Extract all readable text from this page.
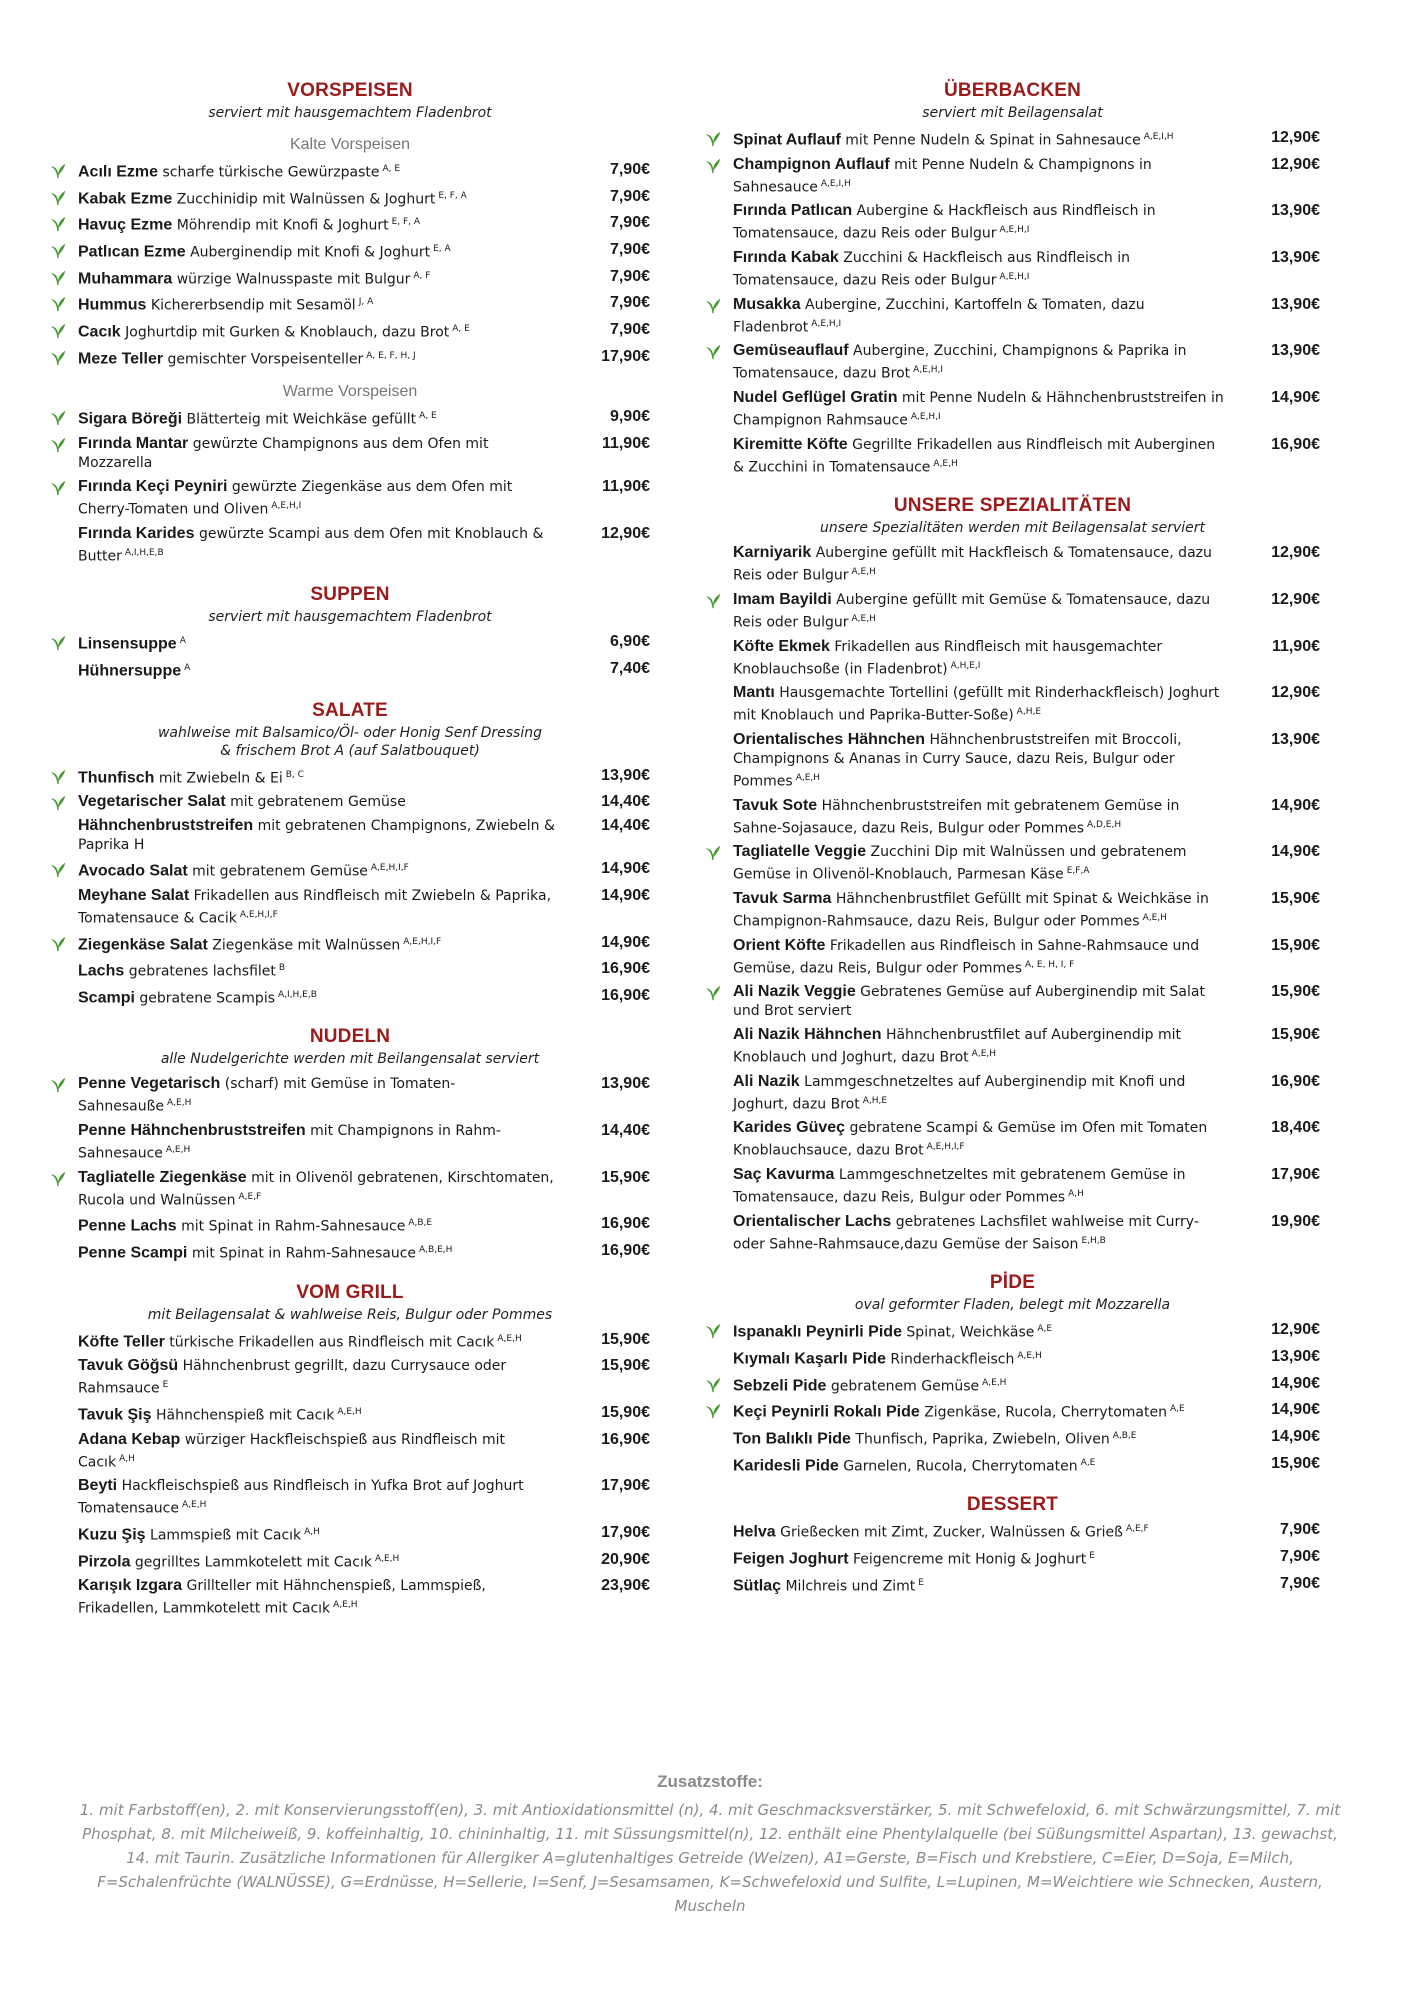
VORSPEISEN
serviert mit hausgemachtem Fladenbrot
Kalte Vorspeisen
Acılı Ezme scharfe türkische Gewürzpaste $^{A, E}$	7,90€
Kabak Ezme Zucchinidip mit Walnüssen & Joghurt $^{E, F, A}$	7,90€
Havuç Ezme Möhrendip mit Knofi & Joghurt $^{E, F, A}$	7,90€
Patlıcan Ezme Auberginendip mit Knofi & Joghurt $^{E, A}$	7,90€
Muhammara würzige Walnusspaste mit Bulgur $^{A, F}$	7,90€
Hummus Kichererbsendip mit Sesamöl $^{J, A}$	7,90€
Cacık Joghurtdip mit Gurken & Knoblauch, dazu Brot $^{A, E}$	7,90€
Meze Teller gemischter Vorspeisenteller $^{A, E, F, H, J}$	17,90€
Warme Vorspeisen
Sigara Böreği Blätterteig mit Weichkäse gefüllt $^{A, E}$	9,90€
Fırında Mantar gewürzte Champignons aus dem Ofen mit Mozzarella
11,90€
Fırında Keçi Peyniri gewürzte Ziegenkäse aus dem Ofen mit Cherry-Tomaten und Oliven $^{A,E,H,I}$
11,90€
Fırında Karides gewürzte Scampi aus dem Ofen mit Knoblauch & Butter $^{A,I,H,E,B}$
12,90€
SUPPEN
serviert mit hausgemachtem Fladenbrot
Linsensuppe $^A$	6,90€
Hühnersuppe $^A$	7,40€
SALATE
wahlweise mit Balsamico/Öl- oder Honig Senf Dressing
& frischem Brot A (auf Salatbouquet)
Thunfisch mit Zwiebeln & Ei $^{B, C}$	13,90€
Vegetarischer Salat mit gebratenem Gemüse	14,40€
Hähnchenbruststreifen mit gebratenen Champignons, Zwiebeln & Paprika H
14,40€
Avocado Salat mit gebratenem Gemüse $^{A,E,H,I,F}$	14,90€
Meyhane Salat Frikadellen aus Rindfleisch mit Zwiebeln & Paprika, Tomatensauce & Cacik $^{A,E,H,I,F}$
14,90€
Ziegenkäse Salat Ziegenkäse mit Walnüssen $^{A,E,H,I,F}$	14,90€
Lachs gebratenes lachsfilet $^B$	16,90€
Scampi gebratene Scampis $^{A,I,H,E,B}$	16,90€
NUDELN
alle Nudelgerichte werden mit Beilangensalat serviert
Penne Vegetarisch (scharf) mit Gemüse in Tomaten-Sahnesauße $^{A,E,H}$
13,90€
Penne Hähnchenbruststreifen mit Champignons in Rahm-Sahnesauce $^{A,E,H}$
14,40€
Tagliatelle Ziegenkäse mit in Olivenöl gebratenen, Kirschtomaten, Rucola und Walnüssen $^{A,E,F}$
15,90€
Penne Lachs mit Spinat in Rahm-Sahnesauce $^{A,B,E}$	16,90€
Penne Scampi mit Spinat in Rahm-Sahnesauce $^{A,B,E,H}$	16,90€
VOM GRILL
mit Beilagensalat & wahlweise Reis, Bulgur oder Pommes
Köfte Teller türkische Frikadellen aus Rindfleisch mit Cacık $^{A,E,H}$	15,90€
Tavuk Göğsü Hähnchenbrust gegrillt, dazu Currysauce oder Rahmsauce $^E$
15,90€
Tavuk Şiş Hähnchenspieß mit Cacık $^{A,E,H}$	15,90€
Adana Kebap würziger Hackfleischspieß aus Rindfleisch mit Cacık $^{A,H}$
16,90€
Beyti Hackfleischspieß aus Rindfleisch in Yufka Brot auf Joghurt Tomatensauce $^{A,E,H}$
17,90€
Kuzu Şiş Lammspieß mit Cacık $^{A,H}$	17,90€
Pirzola gegrilltes Lammkotelett mit Cacık $^{A,E,H}$	20,90€
Karışık Izgara Grillteller mit Hähnchenspieß, Lammspieß, Frikadellen, Lammkotelett mit Cacık $^{A,E,H}$
23,90€
ÜBERBACKEN
serviert mit Beilagensalat
Spinat Auflauf mit Penne Nudeln & Spinat in Sahnesauce $^{A,E,I,H}$	12,90€
Champignon Auflauf mit Penne Nudeln & Champignons in Sahnesauce $^{A,E,I,H}$
12,90€
Fırında Patlıcan Aubergine & Hackfleisch aus Rindfleisch in Tomatensauce, dazu Reis oder Bulgur $^{A,E,H,I}$
13,90€
Fırında Kabak Zucchini & Hackfleisch aus Rindfleisch in Tomatensauce, dazu Reis oder Bulgur $^{A,E,H,I}$
13,90€
Musakka Aubergine, Zucchini, Kartoffeln & Tomaten, dazu Fladenbrot $^{A,E,H,I}$
13,90€
Gemüseauflauf Aubergine, Zucchini, Champignons & Paprika in Tomatensauce, dazu Brot $^{A,E,H,I}$
13,90€
Nudel Geflügel Gratin mit Penne Nudeln & Hähnchenbruststreifen in Champignon Rahmsauce $^{A,E,H,I}$
14,90€
Kiremitte Köfte Gegrillte Frikadellen aus Rindfleisch mit Auberginen & Zucchini in Tomatensauce $^{A,E,H}$
16,90€
UNSERE SPEZIALITÄTEN
unsere Spezialitäten werden mit Beilagensalat serviert
Karniyarik Aubergine gefüllt mit Hackfleisch & Tomatensauce, dazu Reis oder Bulgur $^{A,E,H}$
12,90€
Imam Bayildi Aubergine gefüllt mit Gemüse & Tomatensauce, dazu Reis oder Bulgur $^{A,E,H}$
12,90€
Köfte Ekmek Frikadellen aus Rindfleisch mit hausgemachter Knoblauchsoße (in Fladenbrot) $^{A,H,E,I}$
11,90€
Mantı Hausgemachte Tortellini (gefüllt mit Rinderhackfleisch) Joghurt mit Knoblauch und Paprika-Butter-Soße) $^{A,H,E}$
12,90€
Orientalisches Hähnchen Hähnchenbruststreifen mit Broccoli, Champignons & Ananas in Curry Sauce, dazu Reis, Bulgur oder Pommes $^{A,E,H}$
13,90€
Tavuk Sote Hähnchenbruststreifen mit gebratenem Gemüse in Sahne-Sojasauce, dazu Reis, Bulgur oder Pommes $^{A,D,E,H}$
14,90€
Tagliatelle Veggie Zucchini Dip mit Walnüssen und gebratenem Gemüse in Olivenöl-Knoblauch, Parmesan Käse $^{E,F,A}$
14,90€
Tavuk Sarma Hähnchenbrustfilet Gefüllt mit Spinat & Weichkäse in Champignon-Rahmsauce, dazu Reis, Bulgur oder Pommes $^{A,E,H}$
15,90€
Orient Köfte Frikadellen aus Rindfleisch in Sahne-Rahmsauce und Gemüse, dazu Reis, Bulgur oder Pommes $^{A, E, H, I, F}$
15,90€
Ali Nazik Veggie Gebratenes Gemüse auf Auberginendip mit Salat und Brot serviert
15,90€
Ali Nazik Hähnchen Hähnchenbrustfilet auf Auberginendip mit Knoblauch und Joghurt, dazu Brot $^{A,E,H}$
15,90€
Ali Nazik Lammgeschnetzeltes auf Auberginendip mit Knofi und Joghurt, dazu Brot $^{A,H,E}$
16,90€
Karides Güveç gebratene Scampi & Gemüse im Ofen mit Tomaten Knoblauchsauce, dazu Brot $^{A,E,H,I,F}$
18,40€
Saç Kavurma Lammgeschnetzeltes mit gebratenem Gemüse in Tomatensauce, dazu Reis, Bulgur oder Pommes $^{A,H}$
17,90€
Orientalischer Lachs gebratenes Lachsfilet wahlweise mit Curry- oder Sahne-Rahmsauce,dazu Gemüse der Saison $^{E,H,B}$
19,90€
PİDE
oval geformter Fladen, belegt mit Mozzarella
Ispanaklı Peynirli Pide Spinat, Weichkäse $^{A,E}$	12,90€
Kıymalı Kaşarlı Pide Rinderhackfleisch $^{A,E,H}$	13,90€
Sebzeli Pide gebratenem Gemüse $^{A,E,H}$	14,90€
Keçi Peynirli Rokalı Pide Zigenkäse, Rucola, Cherrytomaten $^{A,E}$	14,90€
Ton Balıklı Pide Thunfisch, Paprika, Zwiebeln, Oliven $^{A,B,E}$	14,90€
Karidesli Pide Garnelen, Rucola, Cherrytomaten $^{A,E}$	15,90€
DESSERT
Helva Grießecken mit Zimt, Zucker, Walnüssen & Grieß $^{A,E,F}$	7,90€
Feigen Joghurt Feigencreme mit Honig & Joghurt $^E$	7,90€
Sütlaç Milchreis und Zimt $^E$	7,90€
Zusatzstoffe:
1. mit Farbstoff(en), 2. mit Konservierungsstoff(en), 3. mit Antioxidationsmittel (n), 4. mit Geschmacksverstärker, 5. mit Schwefeloxid, 6. mit Schwärzungsmittel, 7. mit Phosphat, 8. mit Milcheiweiß, 9. koffeinhaltig, 10. chininhaltig, 11. mit Süssungsmittel(n), 12. enthält eine Phentylalquelle (bei Süßungsmittel Aspartan), 13. gewachst, 14. mit Taurin. Zusätzliche Informationen für Allergiker A=glutenhaltiges Getreide (Weizen), A1=Gerste, B=Fisch und Krebstiere, C=Eier, D=Soja, E=Milch, F=Schalenfrüchte (WALNÜSSE), G=Erdnüsse, H=Sellerie, I=Senf, J=Sesamsamen, K=Schwefeloxid und Sulfite, L=Lupinen, M=Weichtiere wie Schnecken, Austern, Muscheln
